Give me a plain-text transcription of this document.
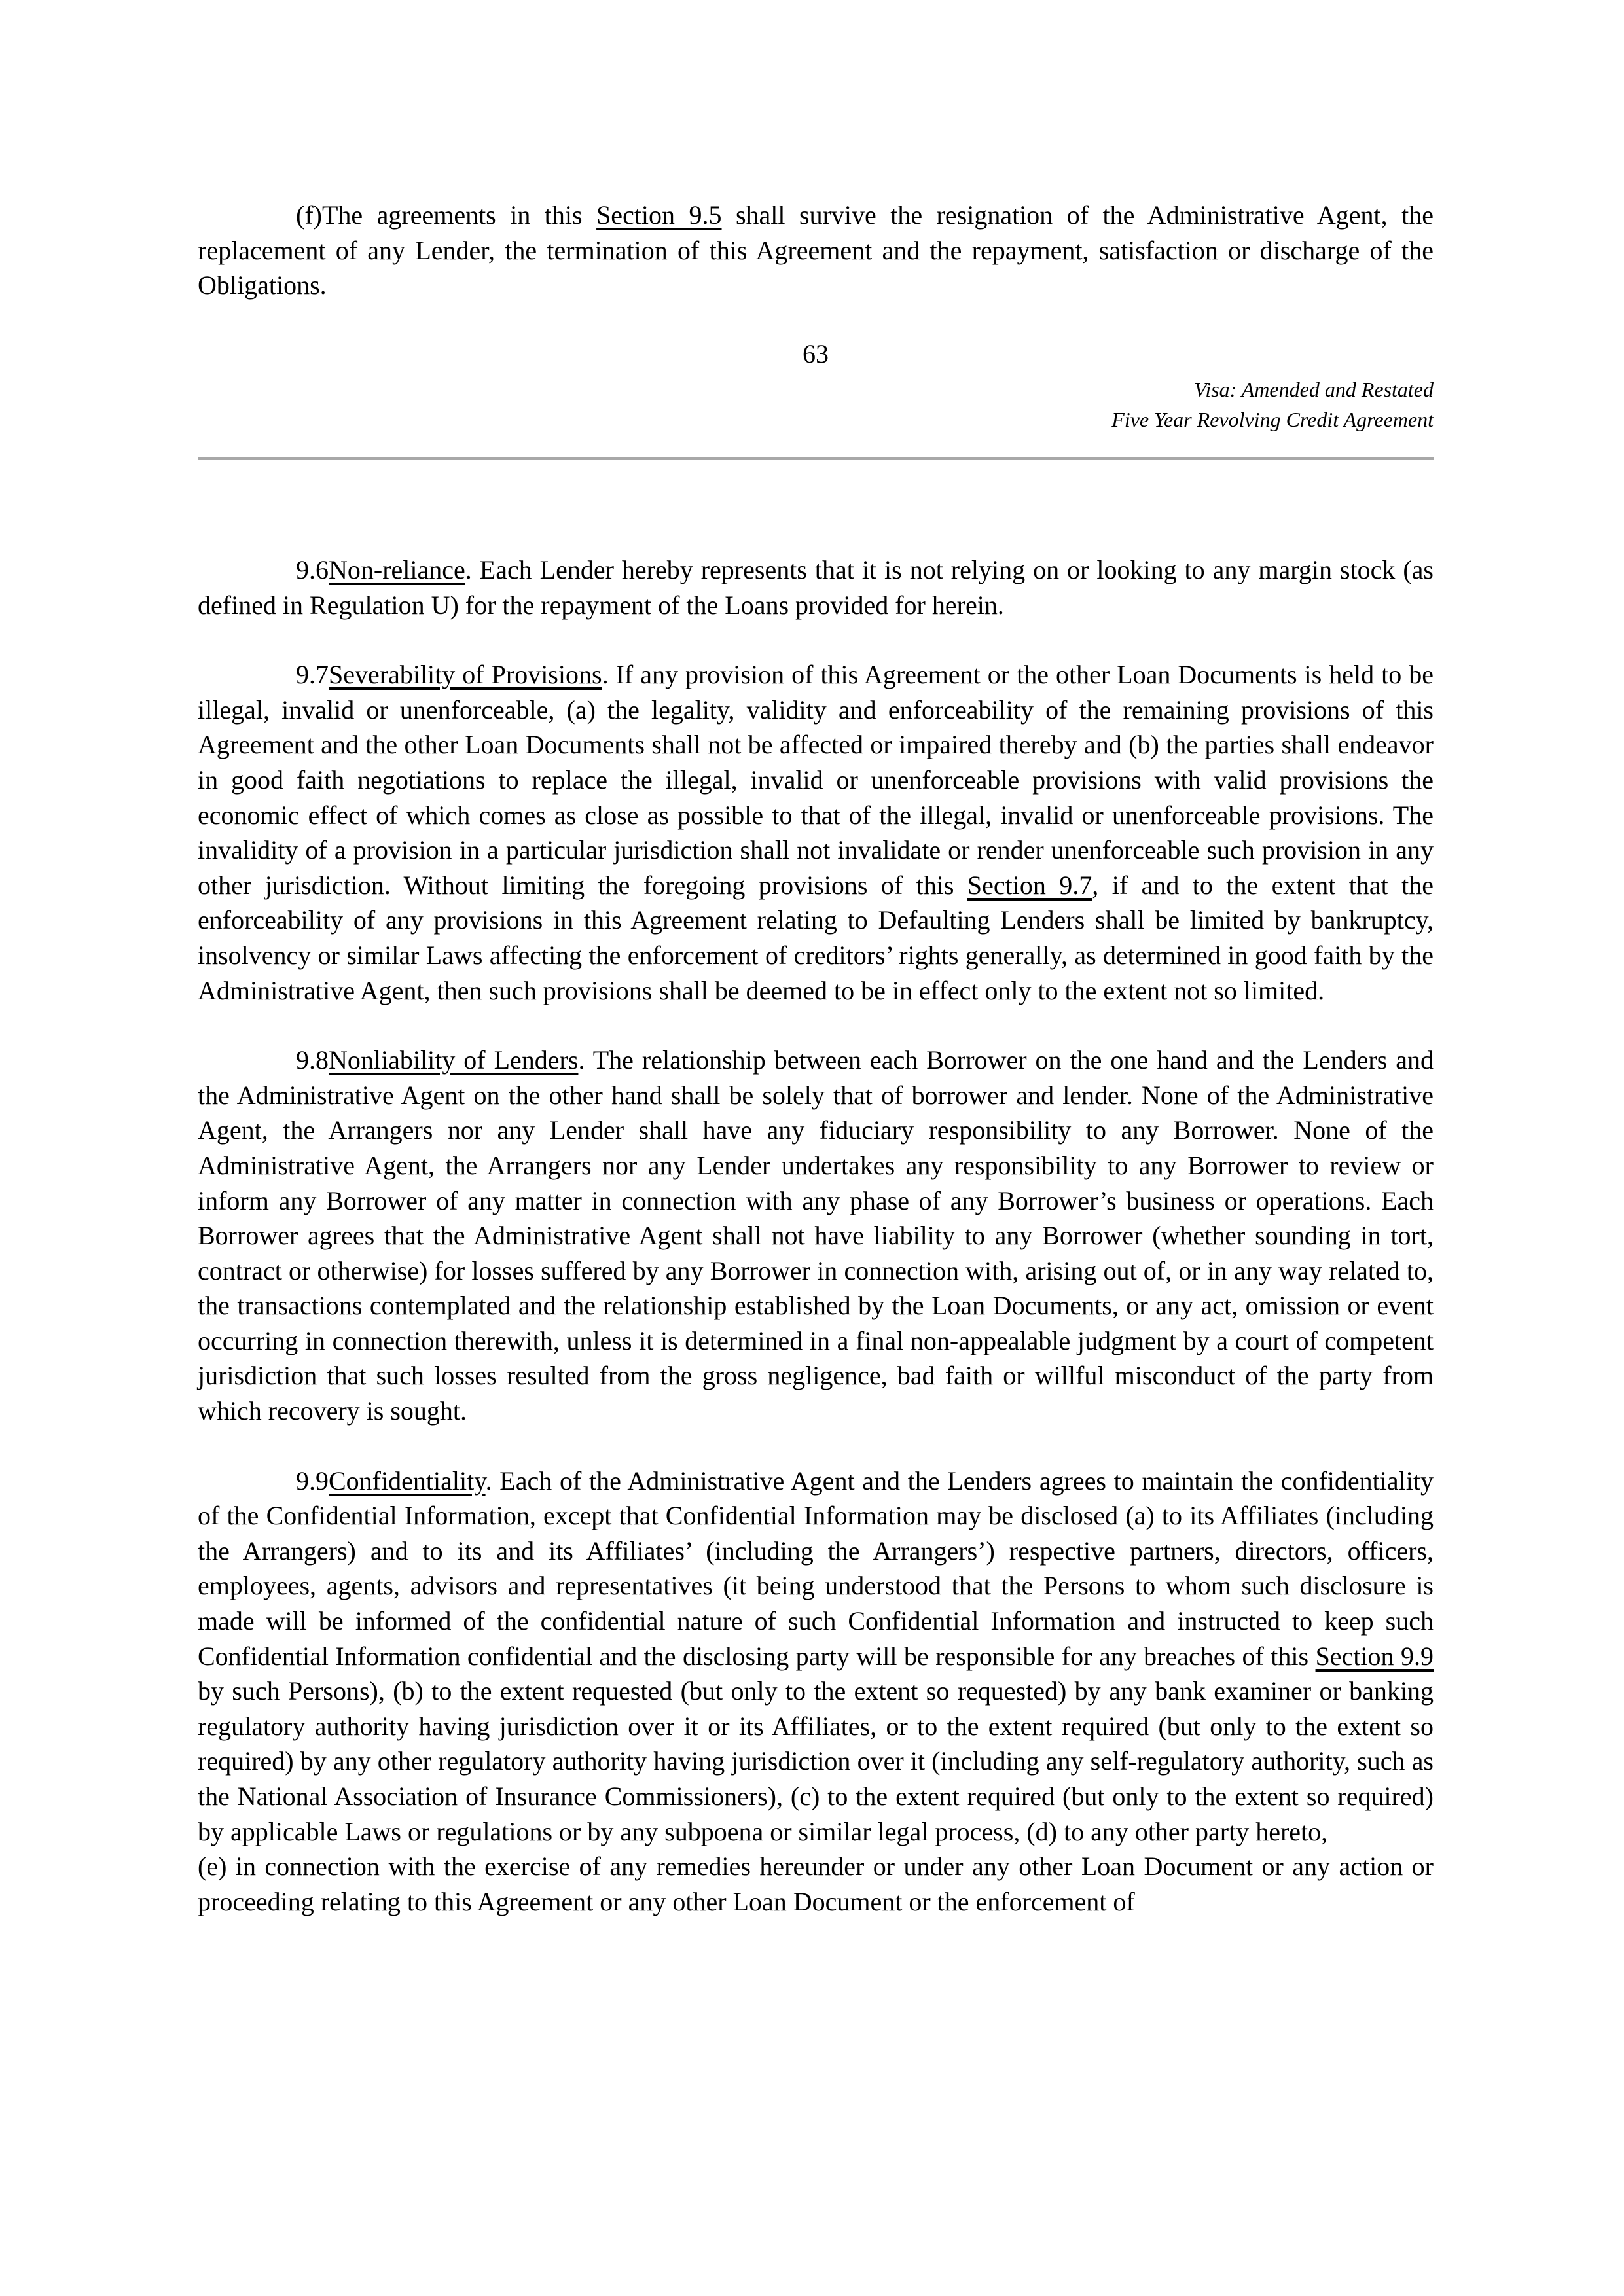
(f)The agreements in this Section 9.5 shall survive the resignation of the Administrative Agent, the replacement of any Lender, the termination of this Agreement and the repayment, satisfaction or discharge of the Obligations.

63
Visa: Amended and Restated
Five Year Revolving Credit Agreement

9.6Non-reliance. Each Lender hereby represents that it is not relying on or looking to any margin stock (as defined in Regulation U) for the repayment of the Loans provided for herein.

9.7Severability of Provisions. If any provision of this Agreement or the other Loan Documents is held to be illegal, invalid or unenforceable, (a) the legality, validity and enforceability of the remaining provisions of this Agreement and the other Loan Documents shall not be affected or impaired thereby and (b) the parties shall endeavor in good faith negotiations to replace the illegal, invalid or unenforceable provisions with valid provisions the economic effect of which comes as close as possible to that of the illegal, invalid or unenforceable provisions. The invalidity of a provision in a particular jurisdiction shall not invalidate or render unenforceable such provision in any other jurisdiction. Without limiting the foregoing provisions of this Section 9.7, if and to the extent that the enforceability of any provisions in this Agreement relating to Defaulting Lenders shall be limited by bankruptcy, insolvency or similar Laws affecting the enforcement of creditors’ rights generally, as determined in good faith by the Administrative Agent, then such provisions shall be deemed to be in effect only to the extent not so limited.

9.8Nonliability of Lenders. The relationship between each Borrower on the one hand and the Lenders and the Administrative Agent on the other hand shall be solely that of borrower and lender. None of the Administrative Agent, the Arrangers nor any Lender shall have any fiduciary responsibility to any Borrower. None of the Administrative Agent, the Arrangers nor any Lender undertakes any responsibility to any Borrower to review or inform any Borrower of any matter in connection with any phase of any Borrower’s business or operations. Each Borrower agrees that the Administrative Agent shall not have liability to any Borrower (whether sounding in tort, contract or otherwise) for losses suffered by any Borrower in connection with, arising out of, or in any way related to, the transactions contemplated and the relationship established by the Loan Documents, or any act, omission or event occurring in connection therewith, unless it is determined in a final non-appealable judgment by a court of competent jurisdiction that such losses resulted from the gross negligence, bad faith or willful misconduct of the party from which recovery is sought.

9.9Confidentiality. Each of the Administrative Agent and the Lenders agrees to maintain the confidentiality of the Confidential Information, except that Confidential Information may be disclosed (a) to its Affiliates (including the Arrangers) and to its and its Affiliates’ (including the Arrangers’) respective partners, directors, officers, employees, agents, advisors and representatives (it being understood that the Persons to whom such disclosure is made will be informed of the confidential nature of such Confidential Information and instructed to keep such Confidential Information confidential and the disclosing party will be responsible for any breaches of this Section 9.9 by such Persons), (b) to the extent requested (but only to the extent so requested) by any bank examiner or banking regulatory authority having jurisdiction over it or its Affiliates, or to the extent required (but only to the extent so required) by any other regulatory authority having jurisdiction over it (including any self-regulatory authority, such as the National Association of Insurance Commissioners), (c) to the extent required (but only to the extent so required) by applicable Laws or regulations or by any subpoena or similar legal process, (d) to any other party hereto,

(e) in connection with the exercise of any remedies hereunder or under any other Loan Document or any action or proceeding relating to this Agreement or any other Loan Document or the enforcement of
